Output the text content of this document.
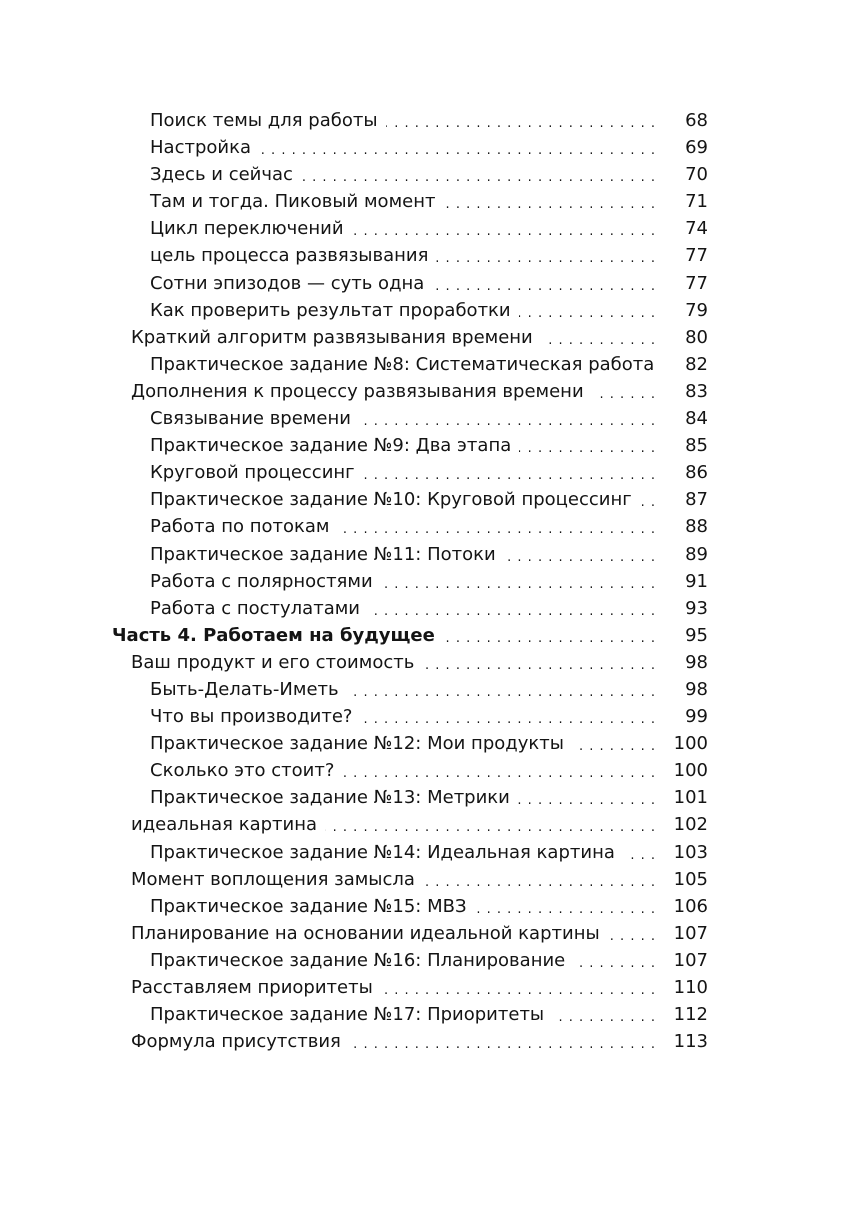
. . .
Поиск темы для работы	68
. . .
Настройка	69
. . .
Здесь и сейчас	70
. . .
Там и тогда. Пиковый момент	71
. . .
Цикл переключений	74
. . .
цель процесса развязывания	77
. . .
Сотни эпизодов — суть одна	77
. . .
Как проверить результат проработки	79
. . .
Краткий алгоритм развязывания времени	80
. . .
Практическое задание №8: Систематическая работа	82
. . .
Дополнения к процессу развязывания времени	83
. . .
Связывание времени	84
. . .
Практическое задание №9: Два этапа	85
. . .
Круговой процессинг	86
. . .
Практическое задание №10: Круговой процессинг	87
. . .
Работа по потокам	88
. . .
Практическое задание №11: Потоки	89
. . .
Работа с полярностями	91
. . .
Работа с постулатами	93
. . .
Часть 4. Работаем на будущее	95
. . .
Ваш продукт и его стоимость	98
. . .
Быть-Делать-Иметь	98
. . .
Что вы производите?	99
. . .
Практическое задание №12: Мои продукты	100
. . .
Сколько это стоит?	100
. . .
Практическое задание №13: Метрики	101
. . .
идеальная картина	102
. . .
Практическое задание №14: Идеальная картина	103
. . .
Момент воплощения замысла	105
. . .
Практическое задание №15: МВЗ	106
. . .
Планирование на основании идеальной картины	107
. . .
Практическое задание №16: Планирование	107
. . .
Расставляем приоритеты	110
. . .
Практическое задание №17: Приоритеты	112
. . .
Формула присутствия	113
